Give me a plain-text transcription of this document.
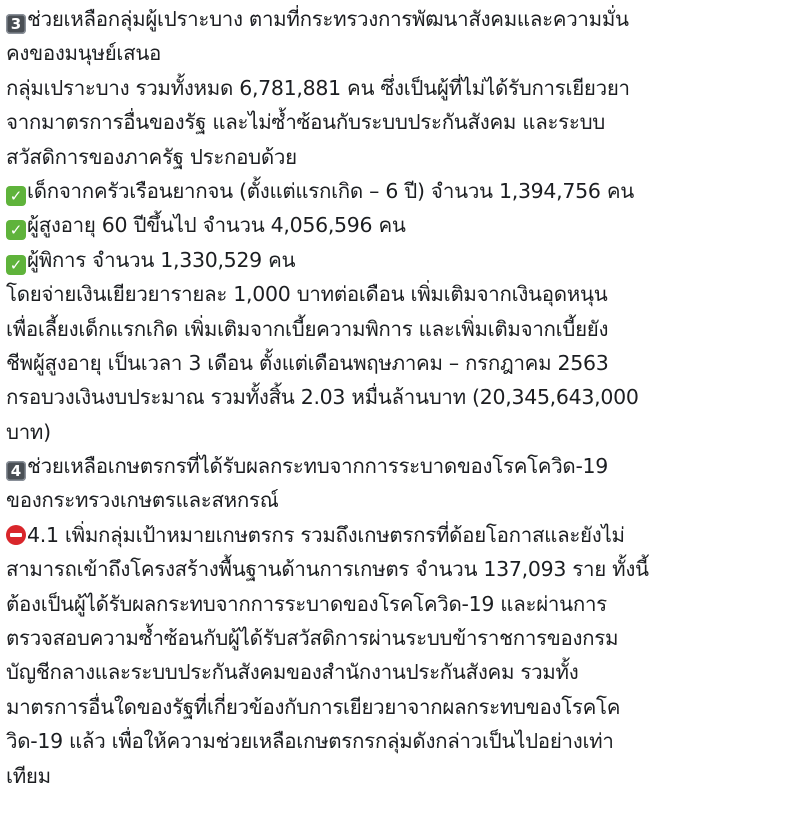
3 ช่วยเหลือกลุ่มผู้เปราะบาง ตามที่กระทรวงการพัฒนาสังคมและความมั่น
คงของมนุษย์เสนอ
กลุ่มเปราะบาง รวมทั้งหมด 6,781,881 คน ซึ่งเป็นผู้ที่ไม่ได้รับการเยียวยา
จากมาตรการอื่นของรัฐ และไม่ซ้ำซ้อนกับระบบประกันสังคม และระบบ
สวัสดิการของภาครัฐ ประกอบด้วย
✓ เด็กจากครัวเรือนยากจน (ตั้งแต่แรกเกิด – 6 ปี) จำนวน 1,394,756 คน
✓ ผู้สูงอายุ 60 ปีขึ้นไป จำนวน 4,056,596 คน
✓ ผู้พิการ จำนวน 1,330,529 คน
โดยจ่ายเงินเยียวยารายละ 1,000 บาทต่อเดือน เพิ่มเติมจากเงินอุดหนุน
เพื่อเลี้ยงเด็กแรกเกิด เพิ่มเติมจากเบี้ยความพิการ และเพิ่มเติมจากเบี้ยยัง
ชีพผู้สูงอายุ เป็นเวลา 3 เดือน ตั้งแต่เดือนพฤษภาคม – กรกฎาคม 2563
กรอบวงเงินงบประมาณ รวมทั้งสิ้น 2.03 หมื่นล้านบาท (20,345,643,000
บาท)
4 ช่วยเหลือเกษตรกรที่ได้รับผลกระทบจากการระบาดของโรคโควิด-19
ของกระทรวงเกษตรและสหกรณ์
4.1 เพิ่มกลุ่มเป้าหมายเกษตรกร รวมถึงเกษตรกรที่ด้อยโอกาสและยังไม่
สามารถเข้าถึงโครงสร้างพื้นฐานด้านการเกษตร จำนวน 137,093 ราย ทั้งนี้
ต้องเป็นผู้ได้รับผลกระทบจากการระบาดของโรคโควิด-19 และผ่านการ
ตรวจสอบความซ้ำซ้อนกับผู้ได้รับสวัสดิการผ่านระบบข้าราชการของกรม
บัญชีกลางและระบบประกันสังคมของสำนักงานประกันสังคม รวมทั้ง
มาตรการอื่นใดของรัฐที่เกี่ยวข้องกับการเยียวยาจากผลกระทบของโรคโค
วิด-19 แล้ว เพื่อให้ความช่วยเหลือเกษตรกรกลุ่มดังกล่าวเป็นไปอย่างเท่า
เทียม
